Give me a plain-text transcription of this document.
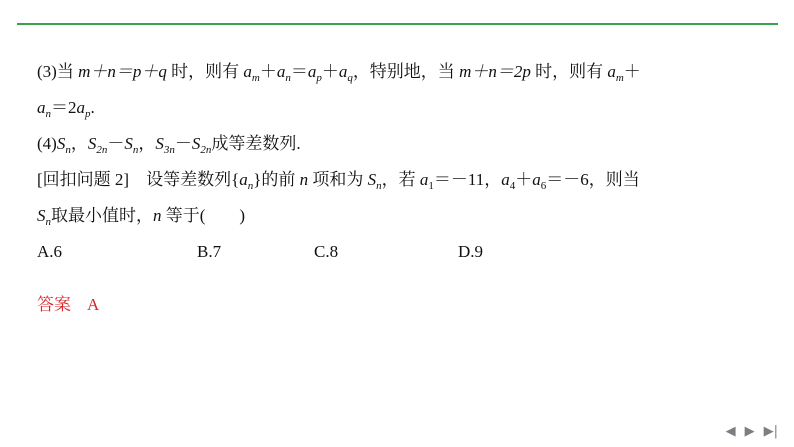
(3)当 m＋n＝p＋q 时，则有 $a_m+a_n=a_p+a_q$，特别地，当 m＋n＝2p 时，则有 $a_m+$
$a_n=2a_p$.
$(4)S_n$，$S_{2n}-S_n$，$S_{3n}-S_{2n}$成等差数列.
[回扣问题 2]　设等差数列$\{a_n\}$的前 n 项和为 $S_n$，若 $a_1=-11$，$a_4+a_6=-6$，则当
$S_n$取最小值时，n 等于(　　)
A.6	B.7	C.8	D.9
答案 A
◀ ▶ ▶|
